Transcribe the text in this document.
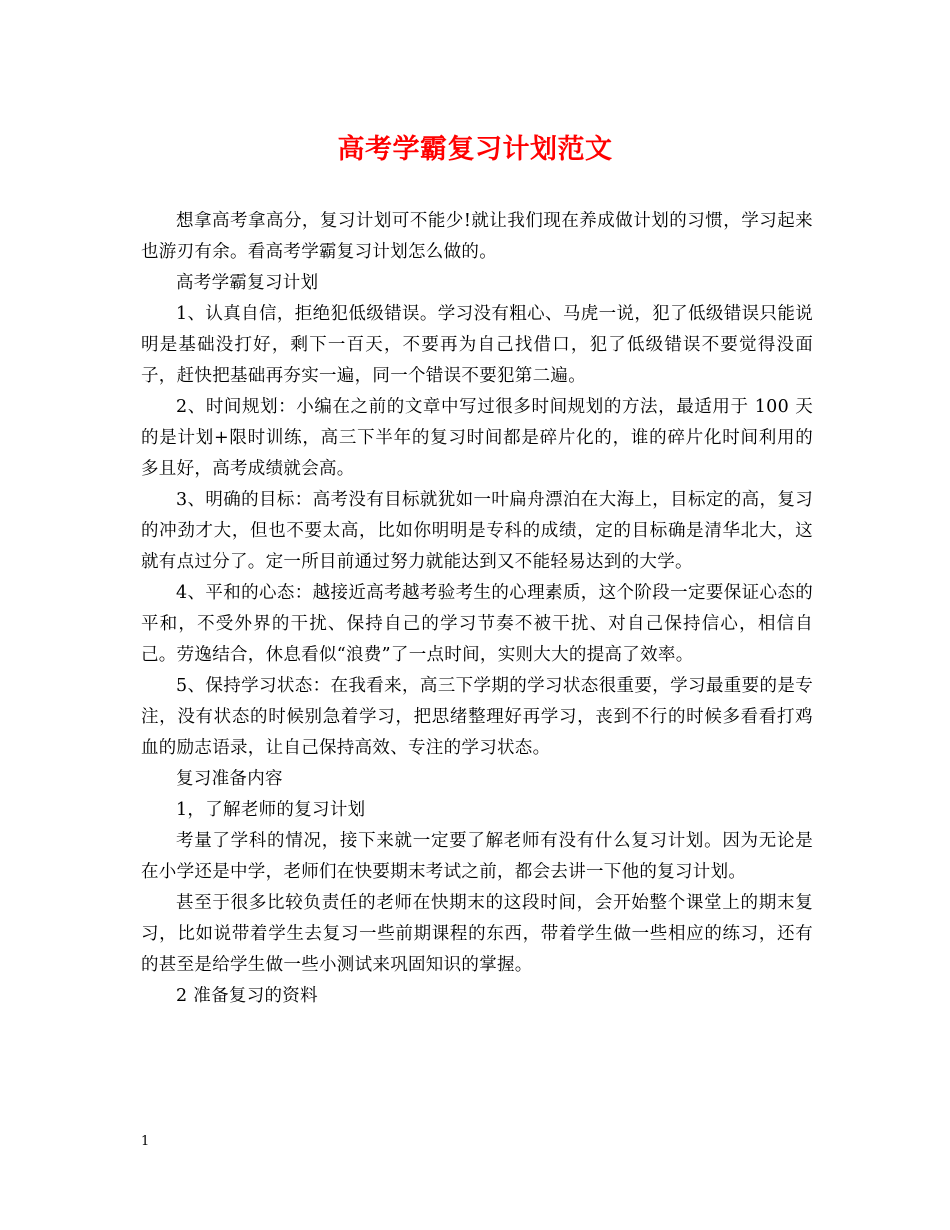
高考学霸复习计划范文

想拿高考拿高分，复习计划可不能少!就让我们现在养成做计划的习惯，学习起来也游刃有余。看高考学霸复习计划怎么做的。

高考学霸复习计划

1、认真自信，拒绝犯低级错误。学习没有粗心、马虎一说，犯了低级错误只能说明是基础没打好，剩下一百天，不要再为自己找借口，犯了低级错误不要觉得没面子，赶快把基础再夯实一遍，同一个错误不要犯第二遍。

2、时间规划：小编在之前的文章中写过很多时间规划的方法，最适用于 100 天的是计划+限时训练，高三下半年的复习时间都是碎片化的，谁的碎片化时间利用的多且好，高考成绩就会高。

3、明确的目标：高考没有目标就犹如一叶扁舟漂泊在大海上，目标定的高，复习的冲劲才大，但也不要太高，比如你明明是专科的成绩，定的目标确是清华北大，这就有点过分了。定一所目前通过努力就能达到又不能轻易达到的大学。

4、平和的心态：越接近高考越考验考生的心理素质，这个阶段一定要保证心态的平和，不受外界的干扰、保持自己的学习节奏不被干扰、对自己保持信心，相信自己。劳逸结合，休息看似“浪费”了一点时间，实则大大的提高了效率。

5、保持学习状态：在我看来，高三下学期的学习状态很重要，学习最重要的是专注，没有状态的时候别急着学习，把思绪整理好再学习，丧到不行的时候多看看打鸡血的励志语录，让自己保持高效、专注的学习状态。

复习准备内容

1，了解老师的复习计划

考量了学科的情况，接下来就一定要了解老师有没有什么复习计划。因为无论是在小学还是中学，老师们在快要期末考试之前，都会去讲一下他的复习计划。

甚至于很多比较负责任的老师在快期末的这段时间，会开始整个课堂上的期末复习，比如说带着学生去复习一些前期课程的东西，带着学生做一些相应的练习，还有的甚至是给学生做一些小测试来巩固知识的掌握。

2 准备复习的资料

1
